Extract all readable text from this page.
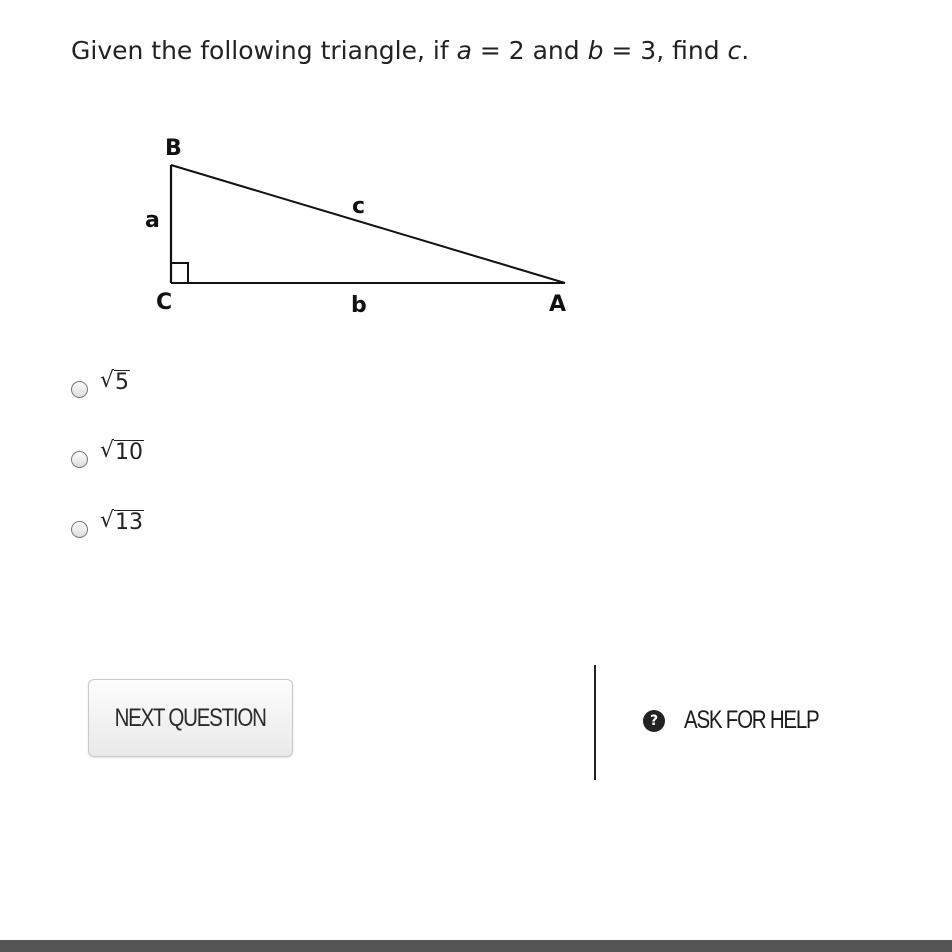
Given the following triangle, if a = 2 and b = 3, find c.
B
C	A
a
b
c
√ 5
√ 10
√ 13
NEXT QUESTION	? ASK FOR HELP
